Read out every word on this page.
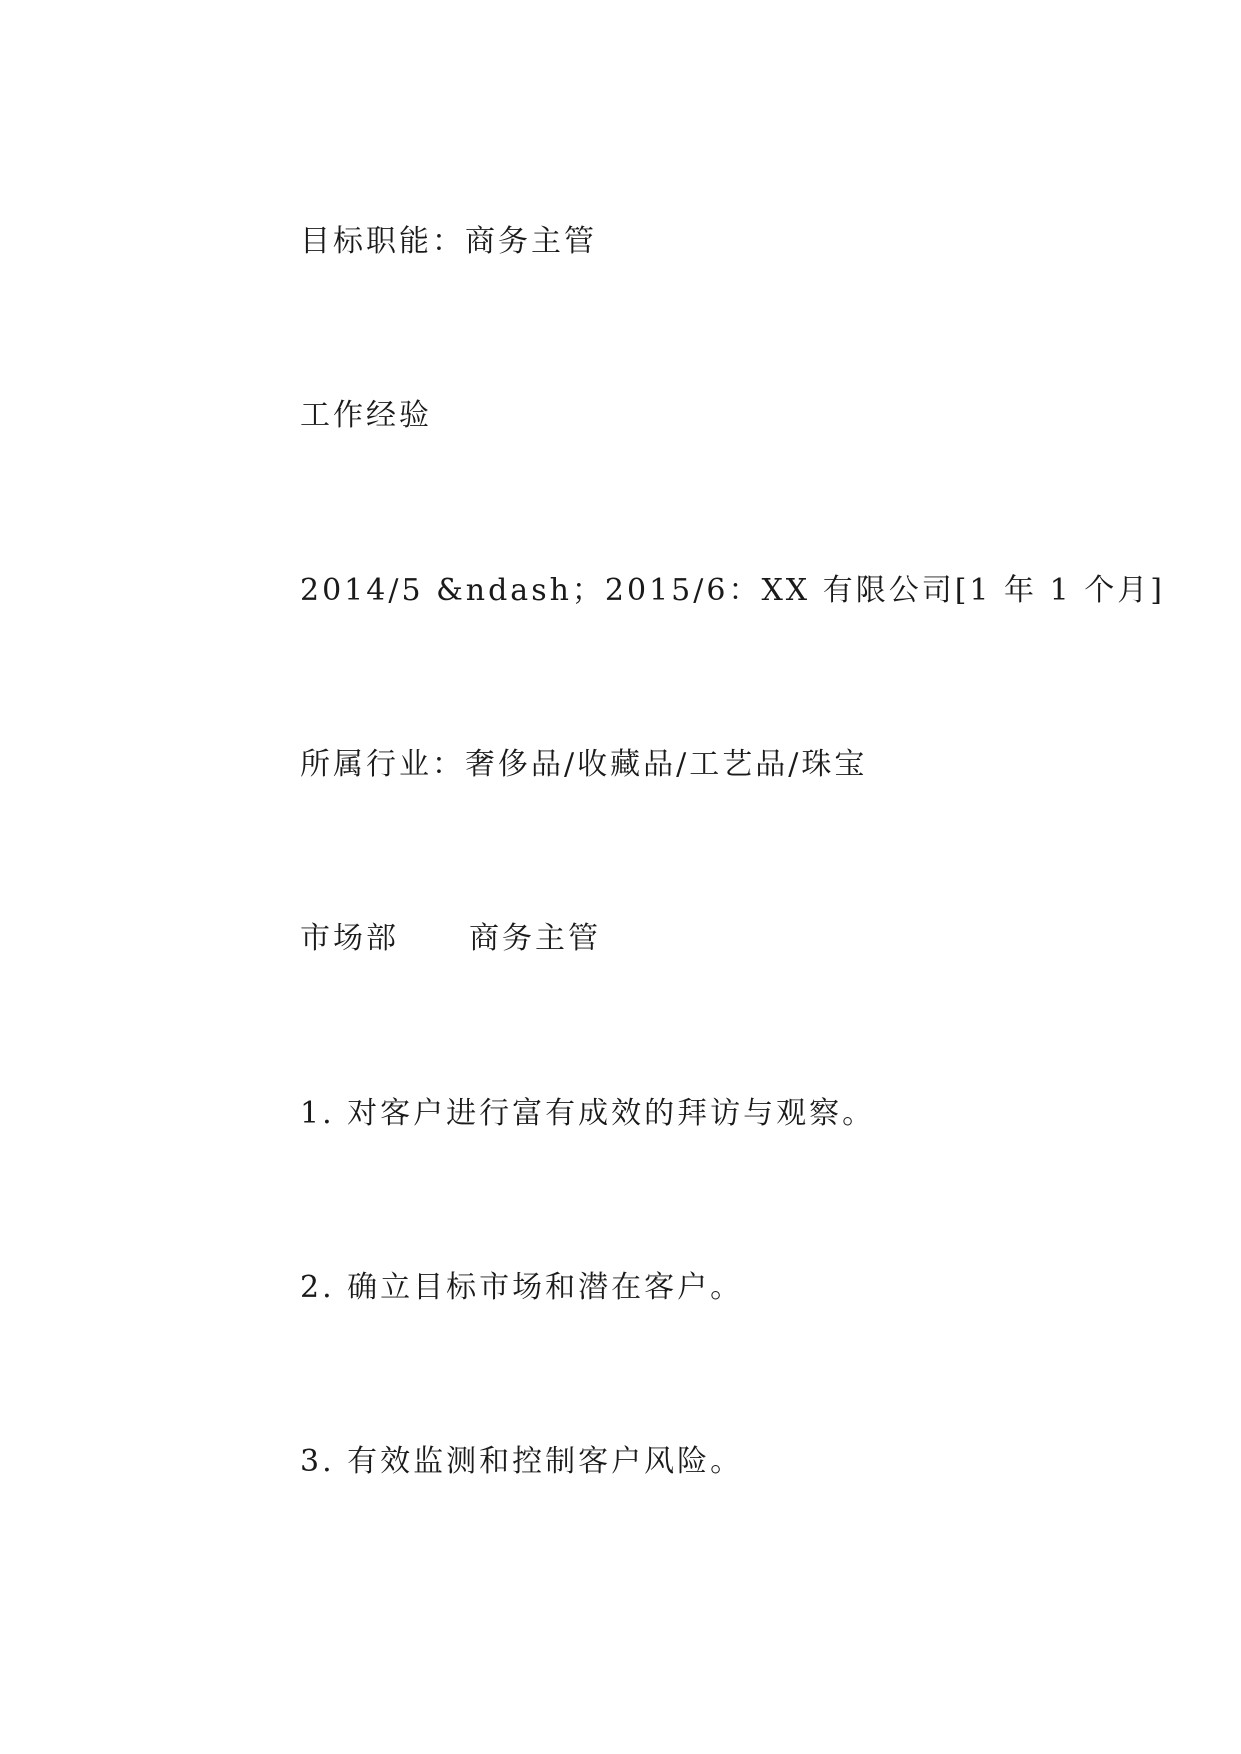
目标职能：商务主管

工作经验

2014/5 &ndash；2015/6：XX 有限公司[1 年 1 个月]

所属行业：奢侈品/收藏品/工艺品/珠宝

市场部 商务主管

1. 对客户进行富有成效的拜访与观察。

2. 确立目标市场和潜在客户。

3. 有效监测和控制客户风险。
